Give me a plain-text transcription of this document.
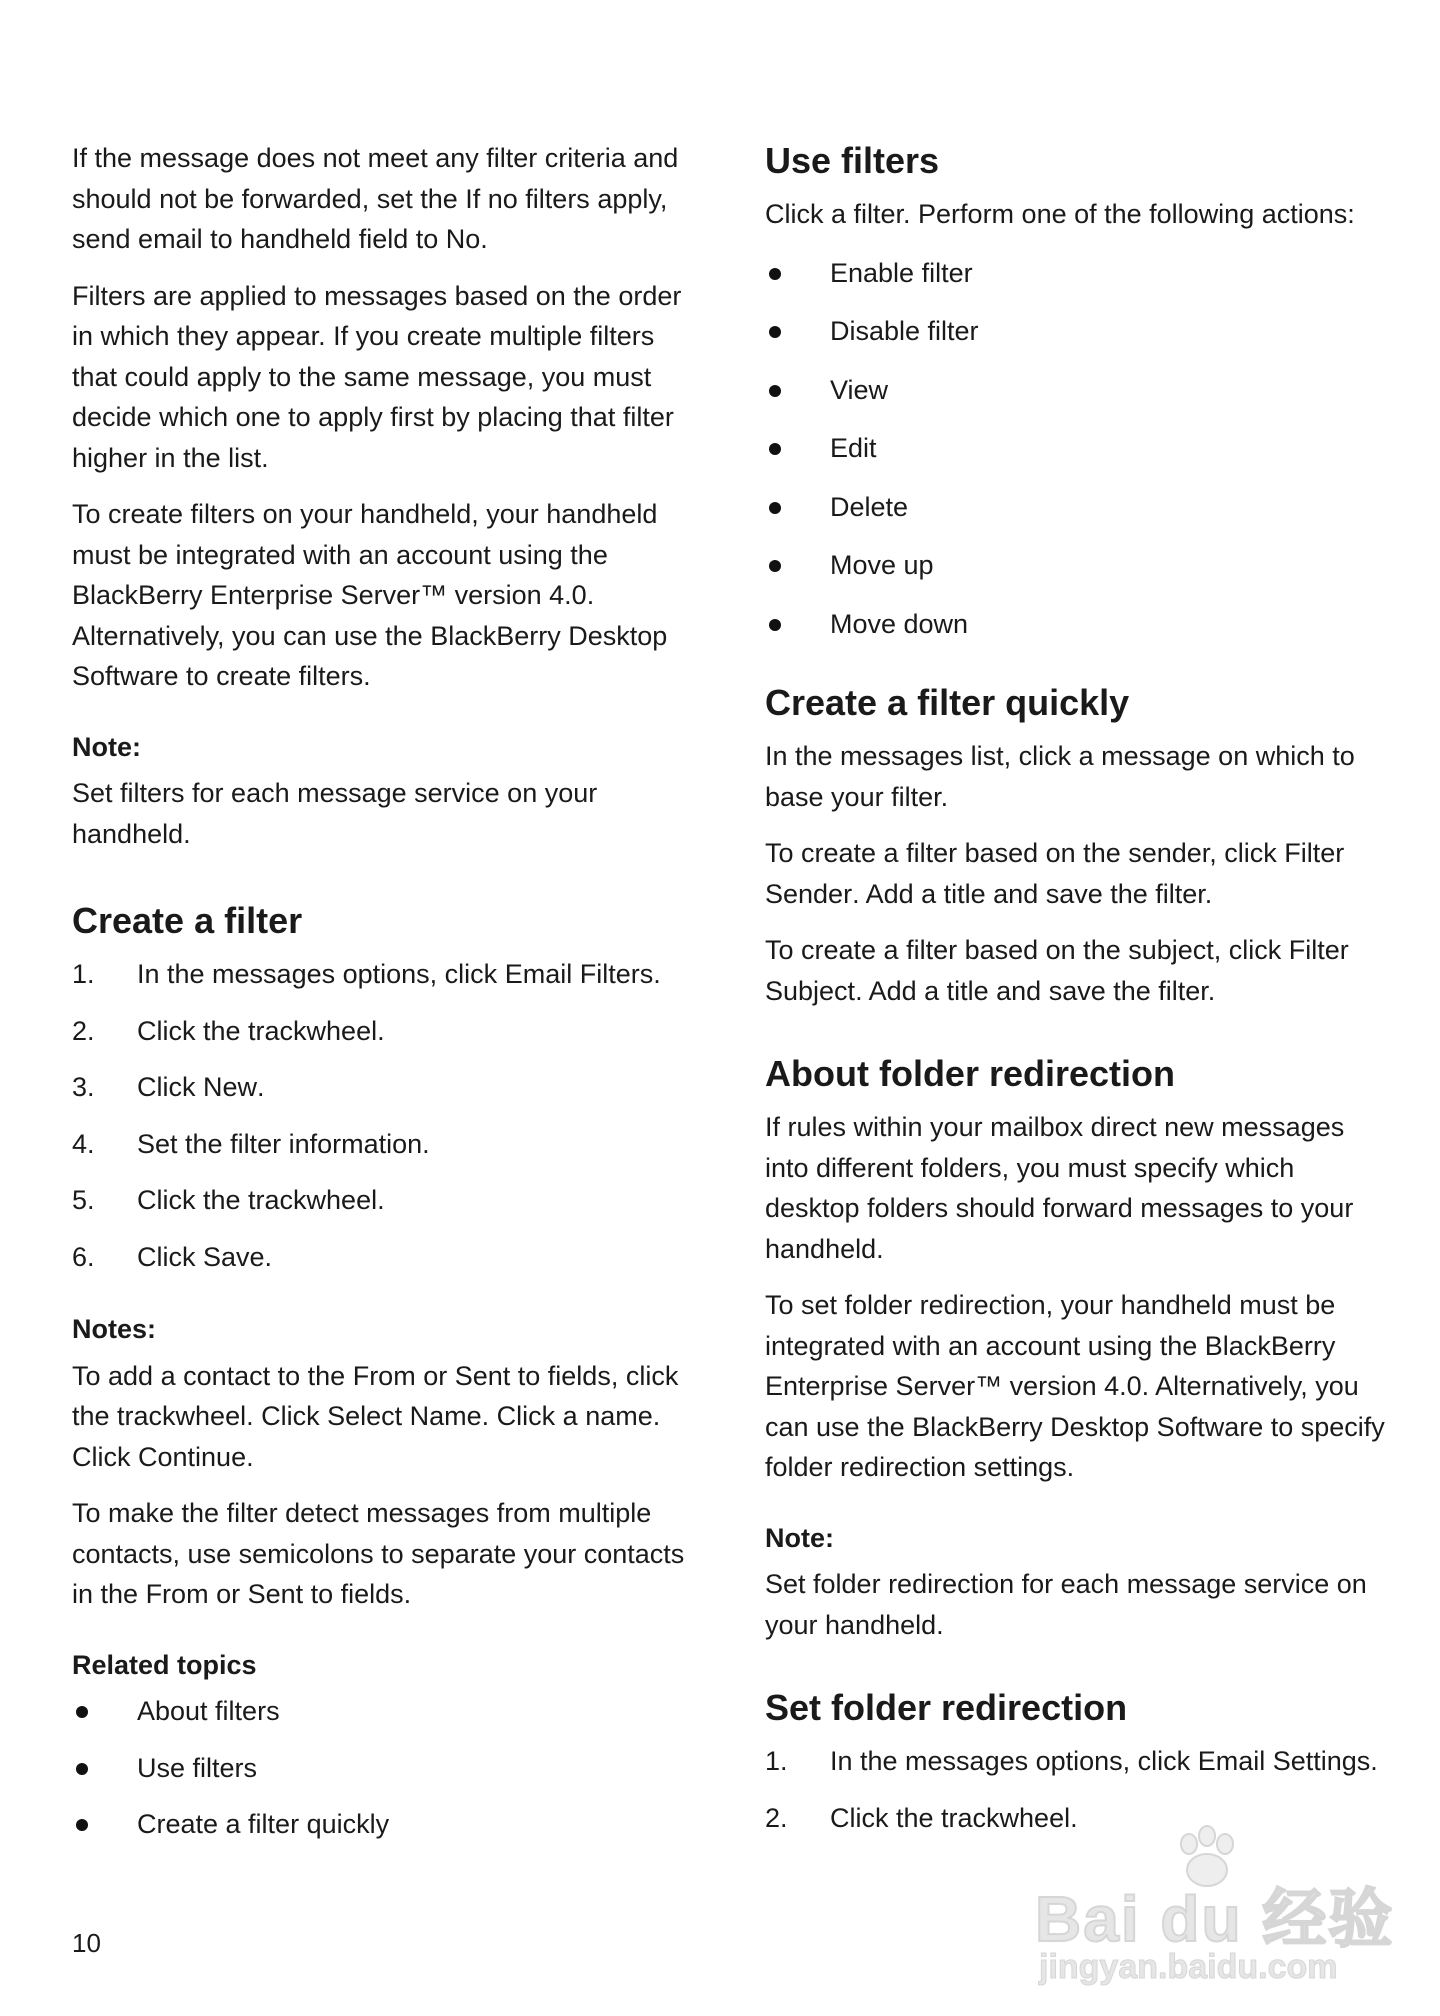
If the message does not meet any filter criteria and should not be forwarded, set the If no filters apply, send email to handheld field to No.

Filters are applied to messages based on the order in which they appear. If you create multiple filters that could apply to the same message, you must decide which one to apply first by placing that filter higher in the list.

To create filters on your handheld, your handheld must be integrated with an account using the BlackBerry Enterprise Server™ version 4.0. Alternatively, you can use the BlackBerry Desktop Software to create filters.

Note:

Set filters for each message service on your handheld.

Create a filter
1. In the messages options, click Email Filters.
2. Click the trackwheel.
3. Click New.
4. Set the filter information.
5. Click the trackwheel.
6. Click Save.
Notes:

To add a contact to the From or Sent to fields, click the trackwheel. Click Select Name. Click a name. Click Continue.

To make the filter detect messages from multiple contacts, use semicolons to separate your contacts in the From or Sent to fields.

Related topics
About filters
Use filters
Create a filter quickly
Use filters

Click a filter. Perform one of the following actions:

Enable filter
Disable filter
View
Edit
Delete
Move up
Move down
Create a filter quickly

In the messages list, click a message on which to base your filter.

To create a filter based on the sender, click Filter Sender. Add a title and save the filter.

To create a filter based on the subject, click Filter Subject. Add a title and save the filter.

About folder redirection

If rules within your mailbox direct new messages into different folders, you must specify which desktop folders should forward messages to your handheld.

To set folder redirection, your handheld must be integrated with an account using the BlackBerry Enterprise Server™ version 4.0. Alternatively, you can use the BlackBerry Desktop Software to specify folder redirection settings.

Note:

Set folder redirection for each message service on your handheld.

Set folder redirection
1. In the messages options, click Email Settings.
2. Click the trackwheel.
10	Bai du 经验
jingyan.baidu.com
